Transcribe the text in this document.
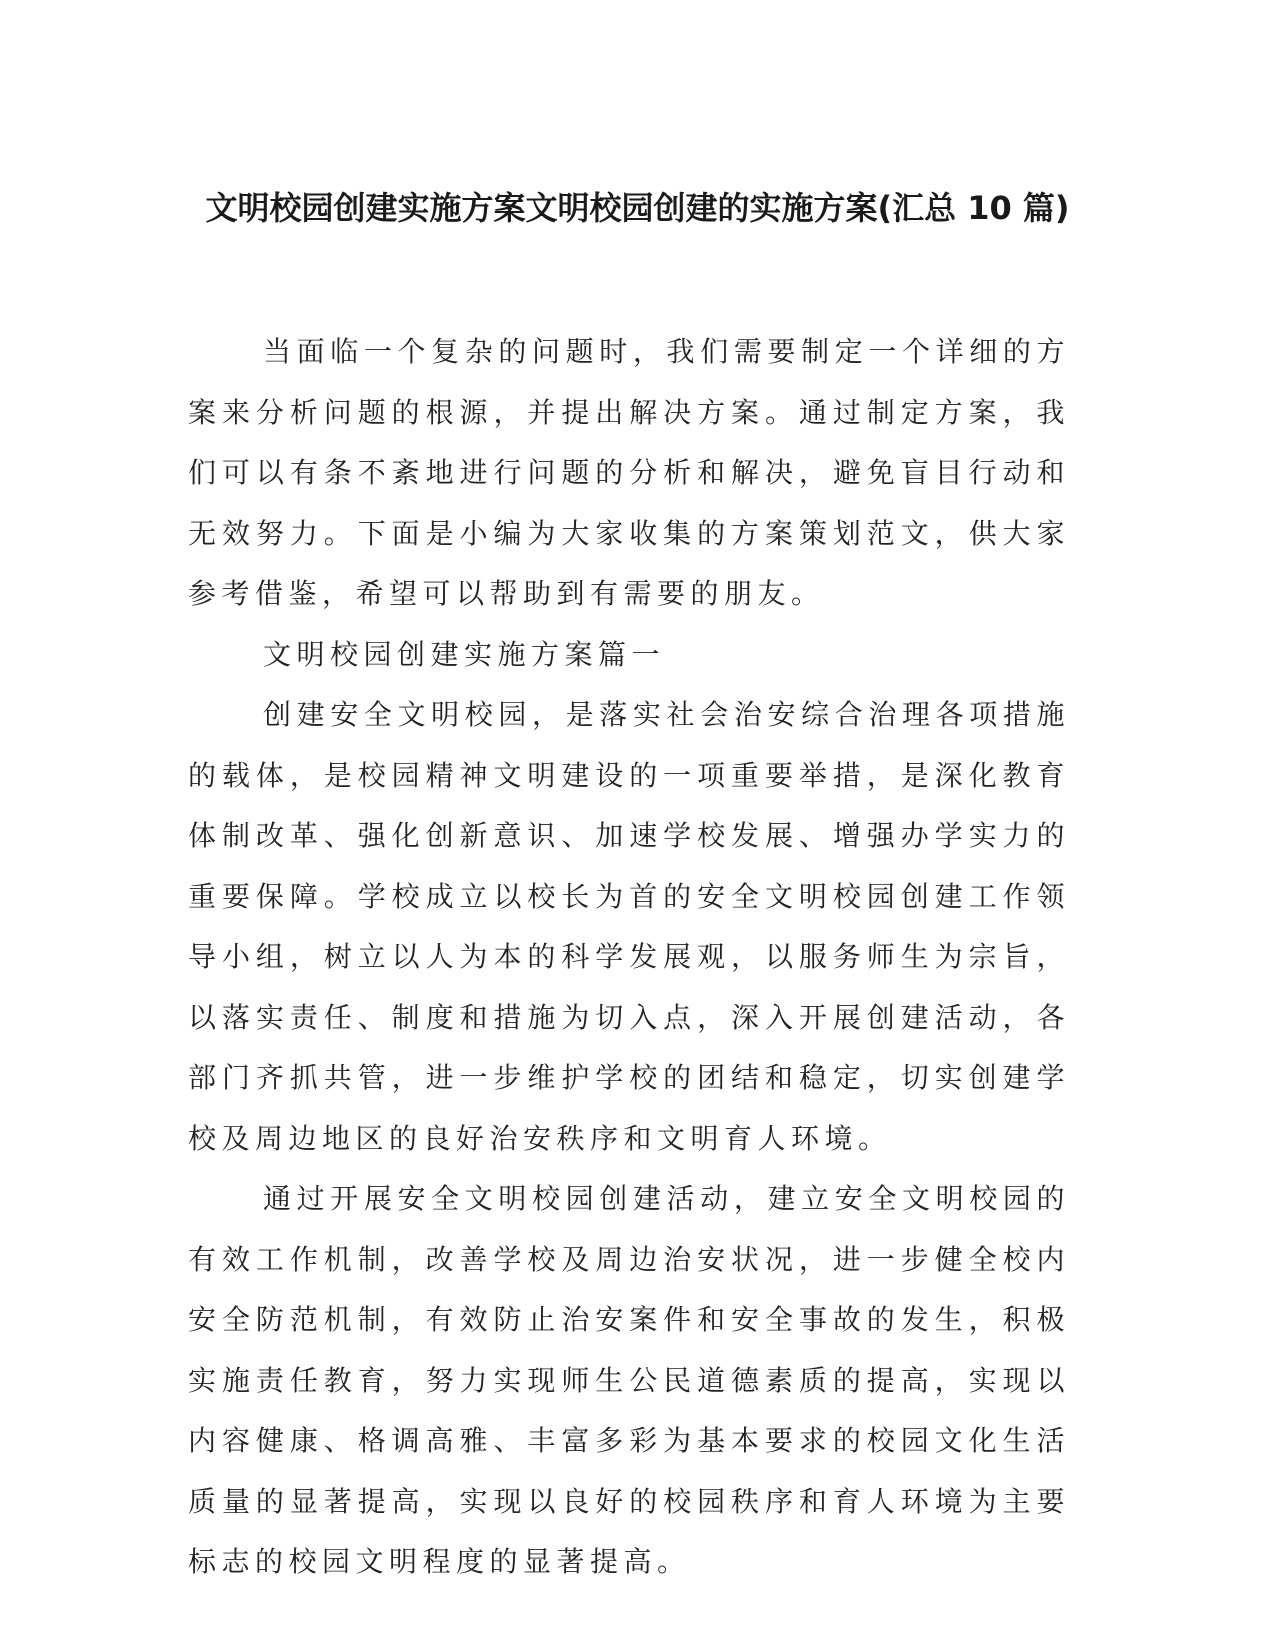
文明校园创建实施方案文明校园创建的实施方案(汇总 10 篇)

当面临一个复杂的问题时，我们需要制定一个详细的方案来分析问题的根源，并提出解决方案。通过制定方案，我们可以有条不紊地进行问题的分析和解决，避免盲目行动和无效努力。下面是小编为大家收集的方案策划范文，供大家参考借鉴，希望可以帮助到有需要的朋友。

文明校园创建实施方案篇一

创建安全文明校园，是落实社会治安综合治理各项措施的载体，是校园精神文明建设的一项重要举措，是深化教育体制改革、强化创新意识、加速学校发展、增强办学实力的重要保障。学校成立以校长为首的安全文明校园创建工作领导小组，树立以人为本的科学发展观，以服务师生为宗旨，以落实责任、制度和措施为切入点，深入开展创建活动，各部门齐抓共管，进一步维护学校的团结和稳定，切实创建学校及周边地区的良好治安秩序和文明育人环境。

通过开展安全文明校园创建活动，建立安全文明校园的有效工作机制，改善学校及周边治安状况，进一步健全校内安全防范机制，有效防止治安案件和安全事故的发生，积极实施责任教育，努力实现师生公民道德素质的提高，实现以内容健康、格调高雅、丰富多彩为基本要求的校园文化生活质量的显著提高，实现以良好的校园秩序和育人环境为主要标志的校园文明程度的显著提高。
